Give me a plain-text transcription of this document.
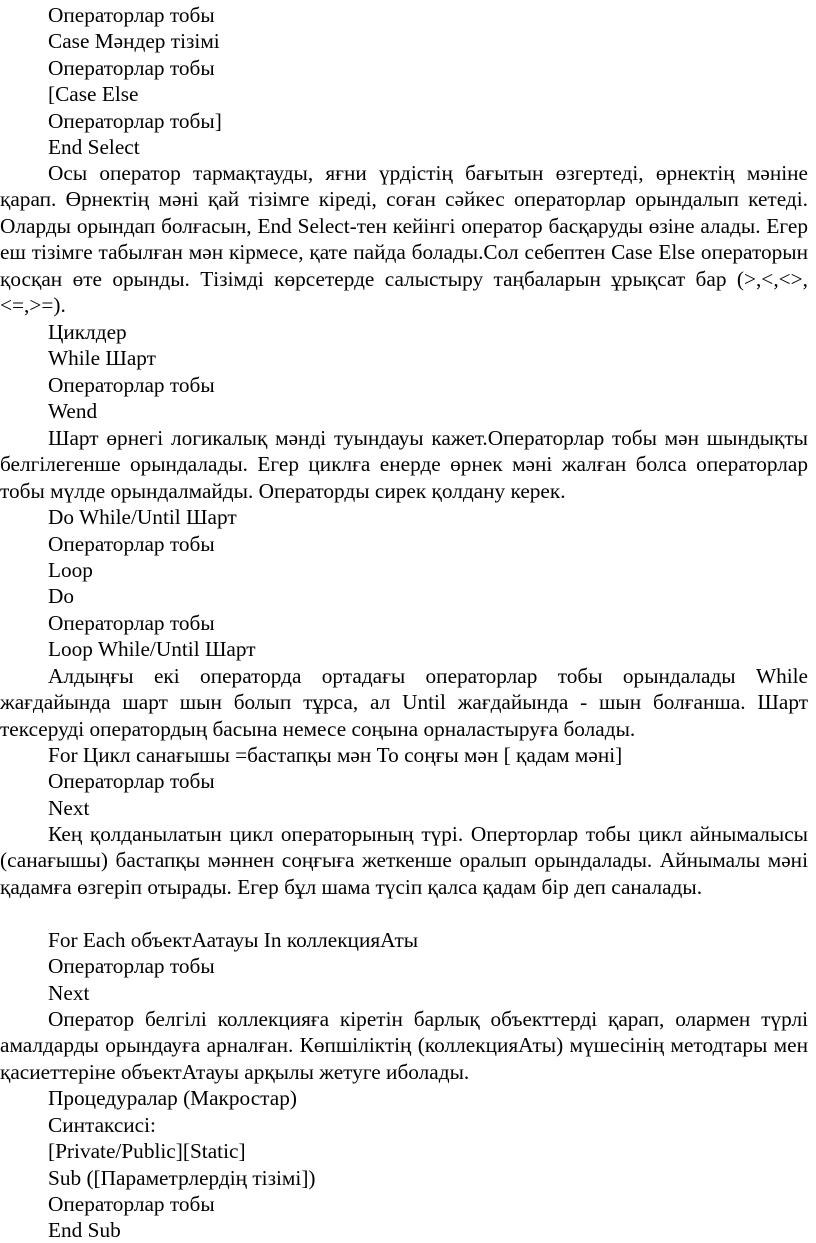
Операторлар тобы
Case Мәндер тізімі
Операторлар тобы
[Case Else
Операторлар тобы]
End Select
Осы оператор тармақтауды, яғни үрдістің бағытын өзгертеді, өрнектің мәніне қарап. Өрнектің мәні қай тізімге кіреді, соған сәйкес операторлар орындалып кетеді. Оларды орындап болғасын, End Select-тен кейінгі оператор басқаруды өзіне алады. Егер еш тізімге табылған мән кірмесе, қате пайда болады.Сол себептен Case Else операторын қосқан өте орынды. Тізімді көрсетерде салыстыру таңбаларын ұрықсат бар (>,<,<>,<=,>=).
Циклдер
While Шарт
Операторлар тобы
Wend
Шарт өрнегі логикалық мәнді туындауы кажет.Операторлар тобы мән шындықты белгілегенше орындалады. Егер циклға енерде өрнек мәні жалған болса операторлар тобы мүлде орындалмайды. Операторды сирек қолдану керек.
Do While/Until Шарт
Операторлар тобы
Loop
Do
Операторлар тобы
Loop While/Until Шарт
Алдыңғы екі операторда ортадағы операторлар тобы орындалады While жағдайында шарт шын болып тұрса, ал Until жағдайында - шын болғанша. Шарт тексеруді оператордың басына немесе соңына орналастыруға болады.
For Цикл санағышы =бастапқы мән To соңғы мән [ қадам мәні]
Операторлар тобы
Next
Кең қолданылатын цикл операторының түрі. Оперторлар тобы цикл айнымалысы (санағышы) бастапқы мәннен соңғыға жеткенше оралып орындалады. Айнымалы мәні қадамға өзгеріп отырады. Егер бұл шама түсіп қалса қадам бір деп саналады.
For Each объектАатауы In коллекцияАты
Операторлар тобы
Next
Оператор белгілі коллекцияға кіретін барлық объекттерді қарап, олармен түрлі амалдарды орындауға арналған. Көпшіліктің (коллекцияАты) мүшесінің методтары мен қасиеттеріне объектАтауы арқылы жетуге иболады.
Процедуралар (Макростар)
Синтаксисі:
[Private/Public][Static]
Sub ([Параметрлердің тізімі])
Операторлар тобы
End Sub
